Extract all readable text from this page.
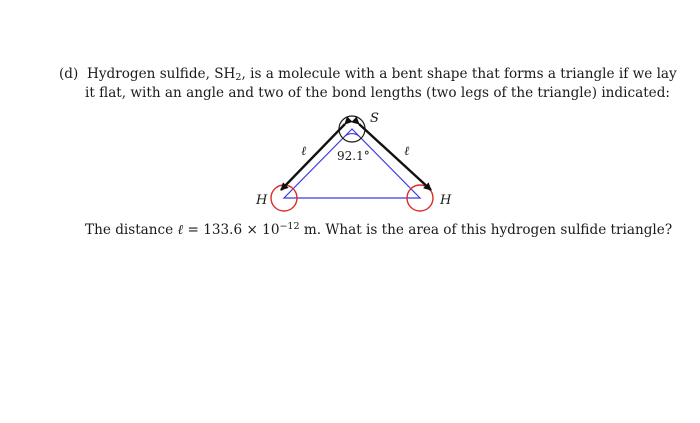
(d) Hydrogen sulfide, $SH_2$, is a molecule with a bent shape that forms a triangle if we lay
it flat, with an angle and two of the bond lengths (two legs of the triangle) indicated:
S
H	H
ℓ	ℓ
92.1°
The distance ℓ = $133.6 \times 10^{-12}$ m. What is the area of this hydrogen sulfide triangle?
